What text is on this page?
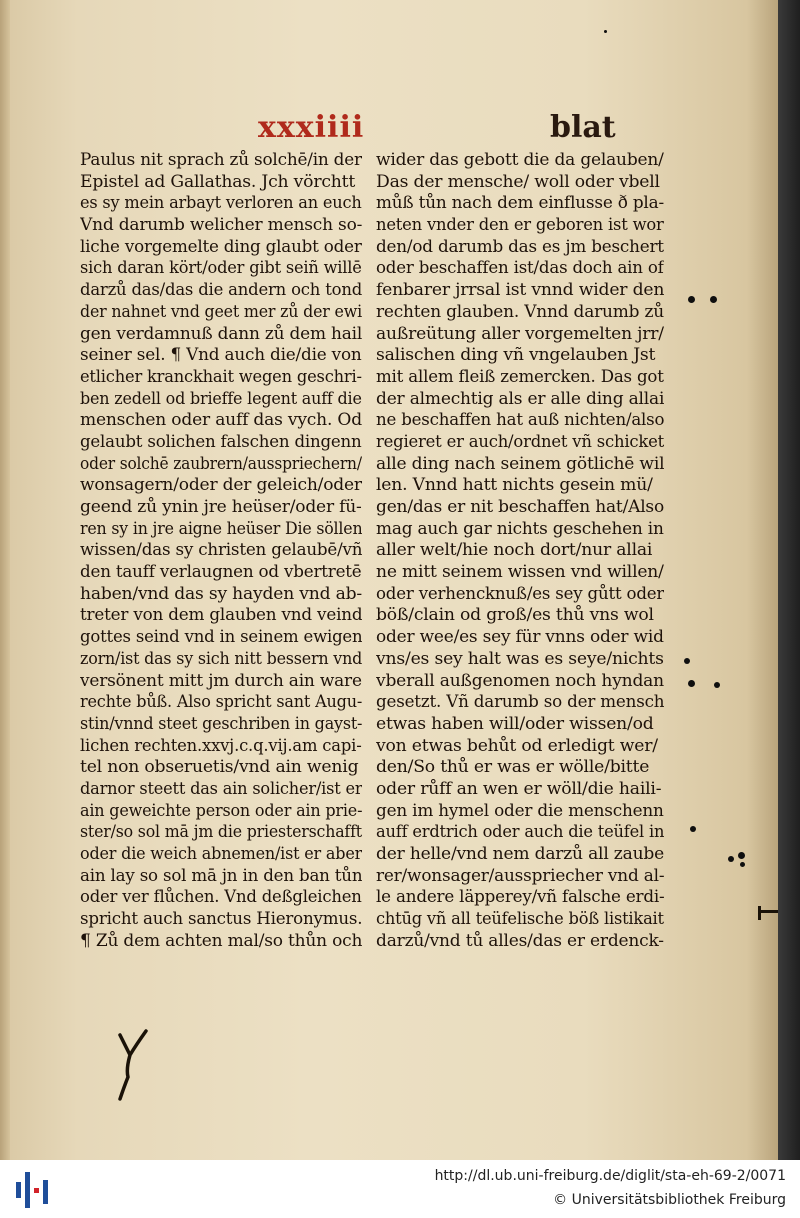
xxxiiii	blat
Paulus nit sprach zů solchē/in der
Epistel ad Gallathas. Jch vörchtt
es sy mein arbayt verloren an euch
Vnd darumb welicher mensch so-
liche vorgemelte ding glaubt oder
sich daran kört/oder gibt seiñ willē
darzů das/das die andern och tond
der nahnet vnd geet mer zů der ewi
gen verdamnuß dann zů dem hail
seiner sel. ¶ Vnd auch die/die von
etlicher kranckhait wegen geschri-
ben zedell od brieffe legent auff die
menschen oder auff das vych. Od
gelaubt solichen falschen dingenn
oder solchē zaubrern/ausspriechern/
wonsagern/oder der geleich/oder
geend zů ynin jre heüser/oder fü-
ren sy in jre aigne heüser Die söllen
wissen/das sy christen gelaubē/vñ
den tauff verlaugnen od vbertretē
haben/vnd das sy hayden vnd ab-
treter von dem glauben vnd veind
gottes seind vnd in seinem ewigen
zorn/ist das sy sich nitt bessern vnd
versönent mitt jm durch ain ware
rechte bůß. Also spricht sant Augu-
stin/vnnd steet geschriben in gayst-
lichen rechten.xxvj.c.q.vij.am capi-
tel non obseruetis/vnd ain wenig
darnor steett das ain solicher/ist er
ain geweichte person oder ain prie-
ster/so sol mā jm die priesterschafft
oder die weich abnemen/ist er aber
ain lay so sol mā jn in den ban tůn
oder ver flůchen. Vnd deßgleichen
spricht auch sanctus Hieronymus.
¶ Zů dem achten mal/so thůn och
wider das gebott die da gelauben/
Das der mensche/ woll oder vbell
můß tůn nach dem einflusse ð pla-
neten vnder den er geboren ist wor
den/od darumb das es jm beschert
oder beschaffen ist/das doch ain of
fenbarer jrrsal ist vnnd wider den
rechten glauben. Vnnd darumb zů
außreütung aller vorgemelten jrr/
salischen ding vñ vngelauben Jst
mit allem fleiß zemercken. Das got
der almechtig als er alle ding allai
ne beschaffen hat auß nichten/also
regieret er auch/ordnet vñ schicket
alle ding nach seinem götlichē wil
len. Vnnd hatt nichts gesein mü/
gen/das er nit beschaffen hat/Also
mag auch gar nichts geschehen in
aller welt/hie noch dort/nur allai
ne mitt seinem wissen vnd willen/
oder verhencknuß/es sey gůtt oder
böß/clain od groß/es thů vns wol
oder wee/es sey für vnns oder wid
vns/es sey halt was es seye/nichts
vberall außgenomen noch hyndan
gesetzt. Vñ darumb so der mensch
etwas haben will/oder wissen/od
von etwas behůt od erledigt wer/
den/So thů er was er wölle/bitte
oder růff an wen er wöll/die haili-
gen im hymel oder die menschenn
auff erdtrich oder auch die teüfel in
der helle/vnd nem darzů all zaube
rer/wonsager/ausspriecher vnd al-
le andere läpperey/vñ falsche erdi-
chtūg vñ all teüfelische böß listikait
darzů/vnd tů alles/das er erdenck-
http://dl.ub.uni-freiburg.de/diglit/sta-eh-69-2/0071
© Universitätsbibliothek Freiburg
